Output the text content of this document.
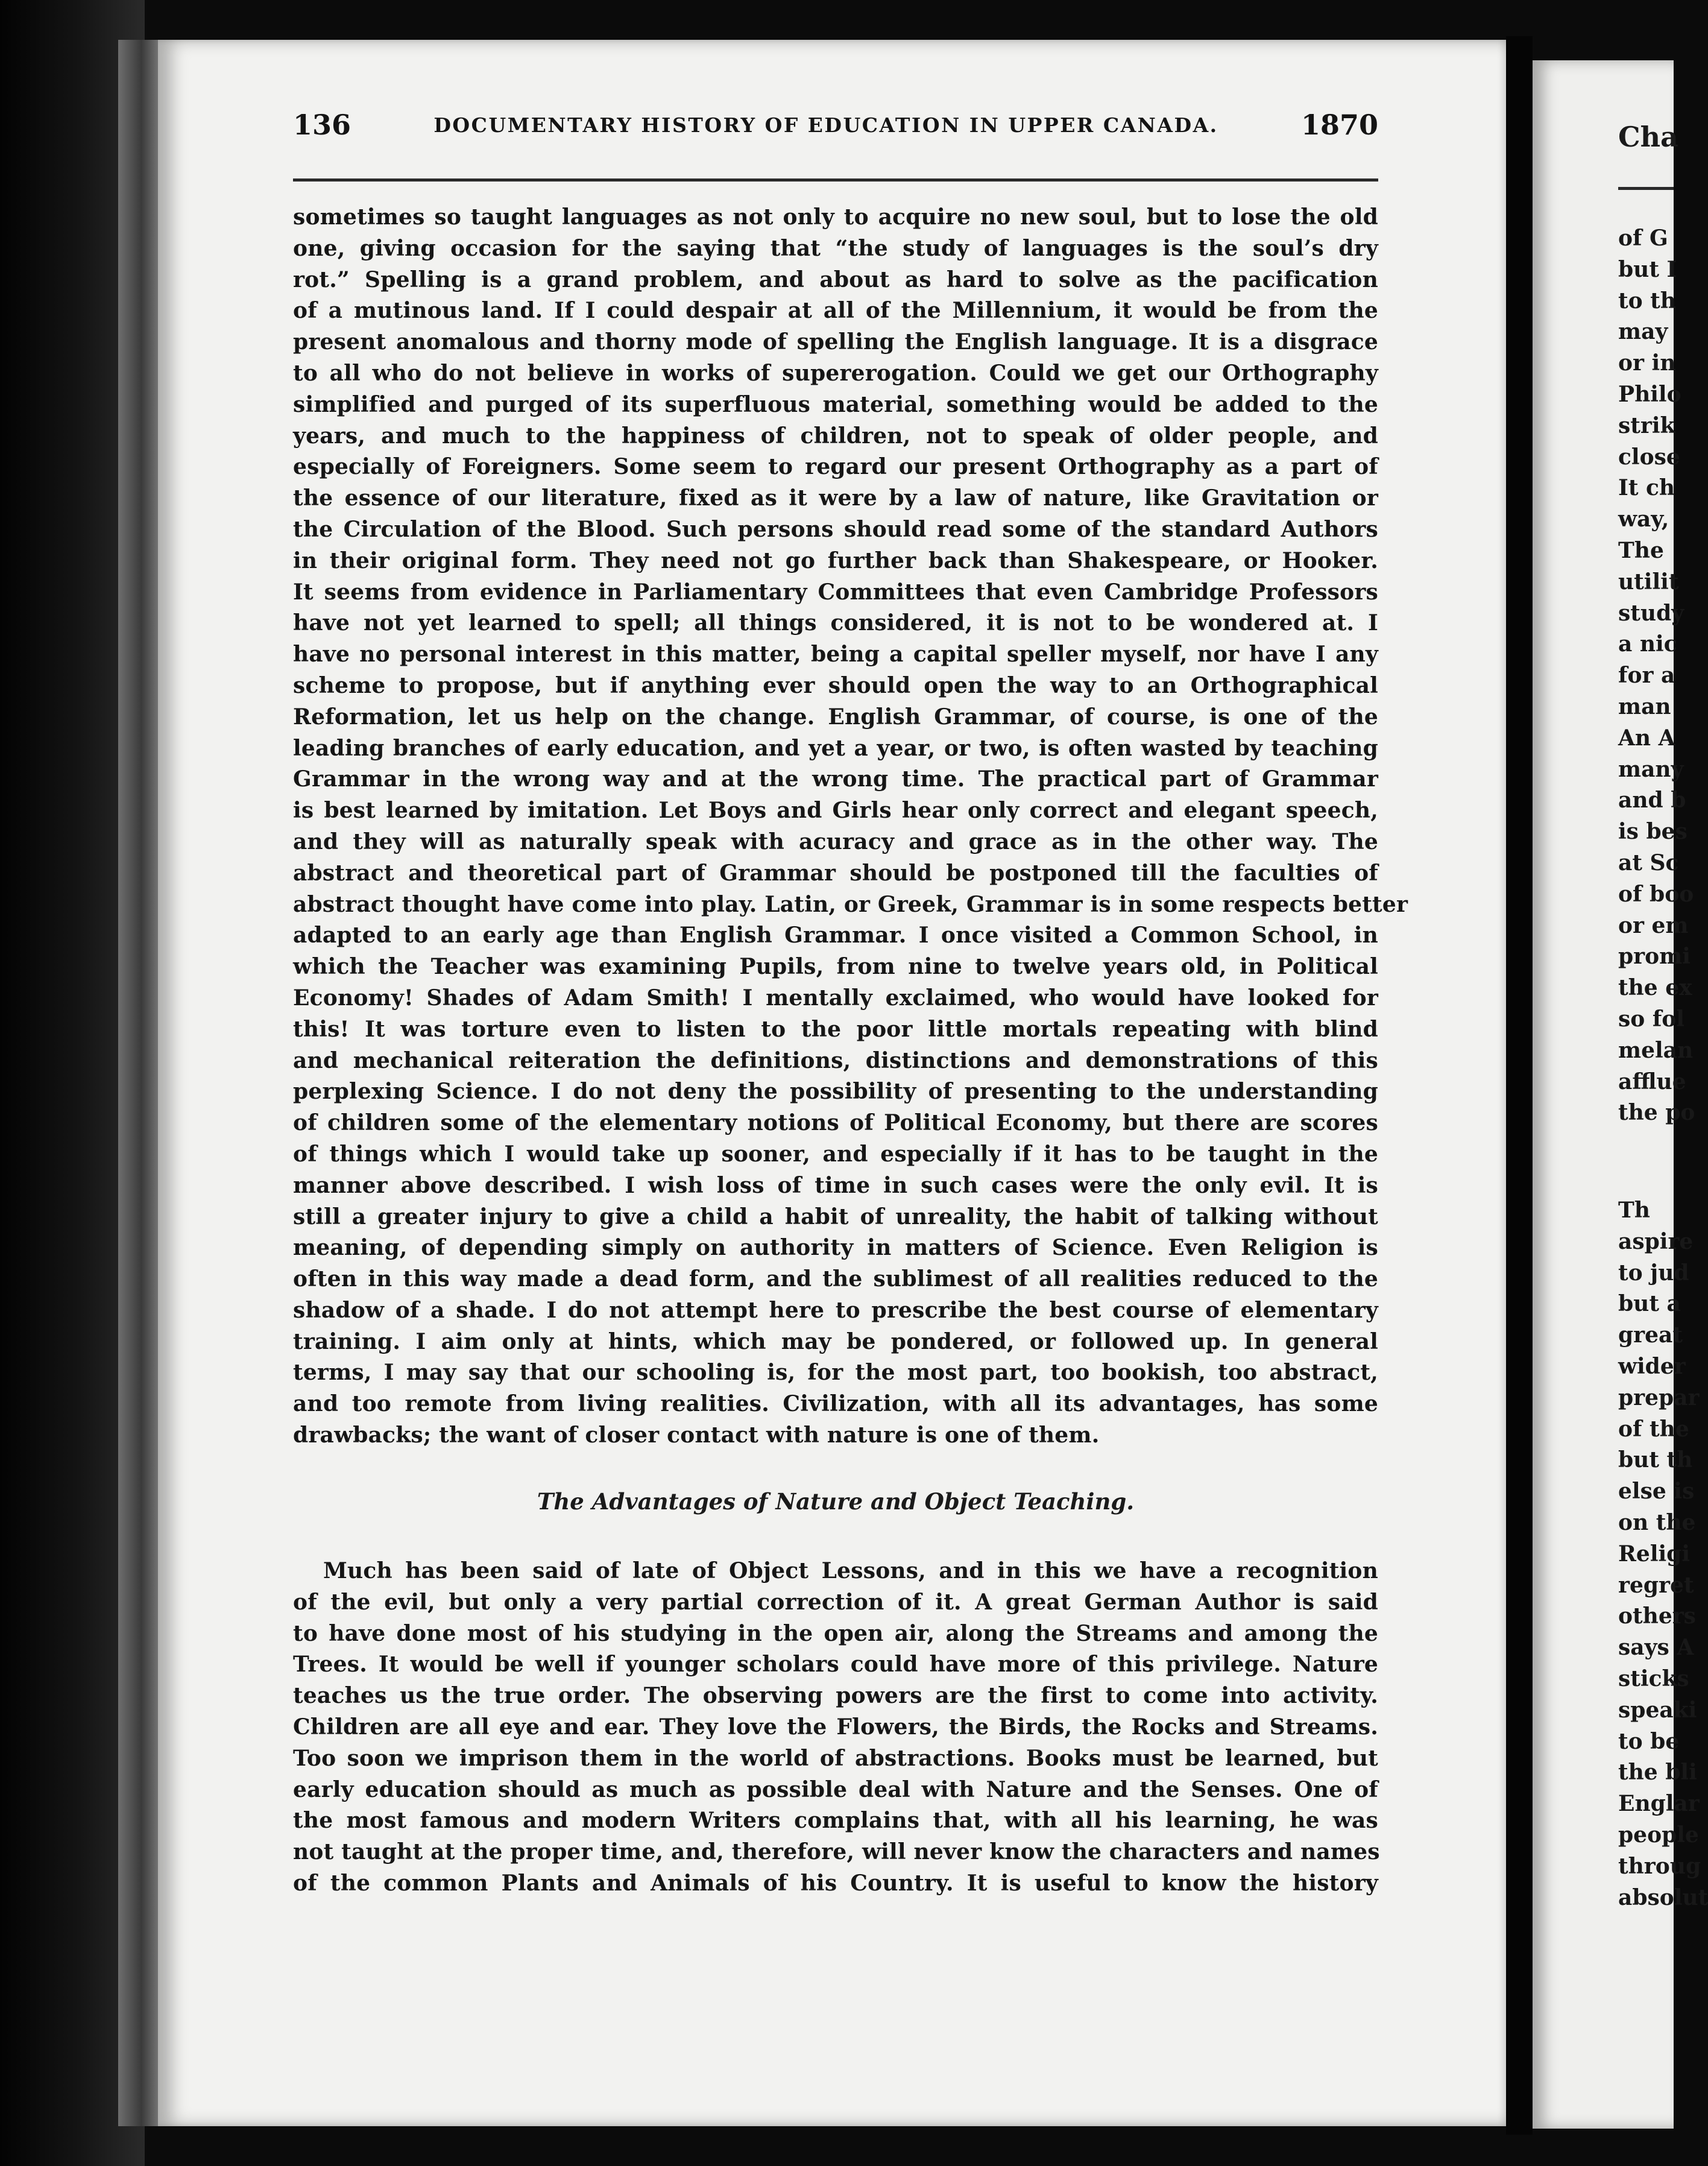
136	DOCUMENTARY HISTORY OF EDUCATION IN UPPER CANADA.	1870
sometimes so taught languages as not only to acquire no new soul, but to lose the old
one, giving occasion for the saying that “the study of languages is the soul’s dry
rot.” Spelling is a grand problem, and about as hard to solve as the pacification
of a mutinous land. If I could despair at all of the Millennium, it would be from the
present anomalous and thorny mode of spelling the English language. It is a disgrace
to all who do not believe in works of supererogation. Could we get our Orthography
simplified and purged of its superfluous material, something would be added to the
years, and much to the happiness of children, not to speak of older people, and
especially of Foreigners. Some seem to regard our present Orthography as a part of
the essence of our literature, fixed as it were by a law of nature, like Gravitation or
the Circulation of the Blood. Such persons should read some of the standard Authors
in their original form. They need not go further back than Shakespeare, or Hooker.
It seems from evidence in Parliamentary Committees that even Cambridge Professors
have not yet learned to spell; all things considered, it is not to be wondered at. I
have no personal interest in this matter, being a capital speller myself, nor have I any
scheme to propose, but if anything ever should open the way to an Orthographical
Reformation, let us help on the change. English Grammar, of course, is one of the
leading branches of early education, and yet a year, or two, is often wasted by teaching
Grammar in the wrong way and at the wrong time. The practical part of Grammar
is best learned by imitation. Let Boys and Girls hear only correct and elegant speech,
and they will as naturally speak with acuracy and grace as in the other way. The
abstract and theoretical part of Grammar should be postponed till the faculties of
abstract thought have come into play. Latin, or Greek, Grammar is in some respects better
adapted to an early age than English Grammar. I once visited a Common School, in
which the Teacher was examining Pupils, from nine to twelve years old, in Political
Economy! Shades of Adam Smith! I mentally exclaimed, who would have looked for
this! It was torture even to listen to the poor little mortals repeating with blind
and mechanical reiteration the definitions, distinctions and demonstrations of this
perplexing Science. I do not deny the possibility of presenting to the understanding
of children some of the elementary notions of Political Economy, but there are scores
of things which I would take up sooner, and especially if it has to be taught in the
manner above described. I wish loss of time in such cases were the only evil. It is
still a greater injury to give a child a habit of unreality, the habit of talking without
meaning, of depending simply on authority in matters of Science. Even Religion is
often in this way made a dead form, and the sublimest of all realities reduced to the
shadow of a shade. I do not attempt here to prescribe the best course of elementary
training. I aim only at hints, which may be pondered, or followed up. In general
terms, I may say that our schooling is, for the most part, too bookish, too abstract,
and too remote from living realities. Civilization, with all its advantages, has some
drawbacks; the want of closer contact with nature is one of them.
The Advantages of Nature and Object Teaching.
Much has been said of late of Object Lessons, and in this we have a recognition
of the evil, but only a very partial correction of it. A great German Author is said
to have done most of his studying in the open air, along the Streams and among the
Trees. It would be well if younger scholars could have more of this privilege. Nature
teaches us the true order. The observing powers are the first to come into activity.
Children are all eye and ear. They love the Flowers, the Birds, the Rocks and Streams.
Too soon we imprison them in the world of abstractions. Books must be learned, but
early education should as much as possible deal with Nature and the Senses. One of
the most famous and modern Writers complains that, with all his learning, he was
not taught at the proper time, and, therefore, will never know the characters and names
of the common Plants and Animals of his Country. It is useful to know the history
Cha
of G
but I
to th
may
or in
Philo
strik
close
It ch
way,
The
utilit
study
a nic
for a
man
An A
many
and b
is bes
at Sc
of boo
or em
promi
the ex
so fol
melan
afflue
the po
Th
aspire
to jud
but a
great
wider
prepar
of the
but th
else is
on the
Religi
regret
others
says A
sticks
speaki
to be
the bli
Englar
people
throug
absolut
